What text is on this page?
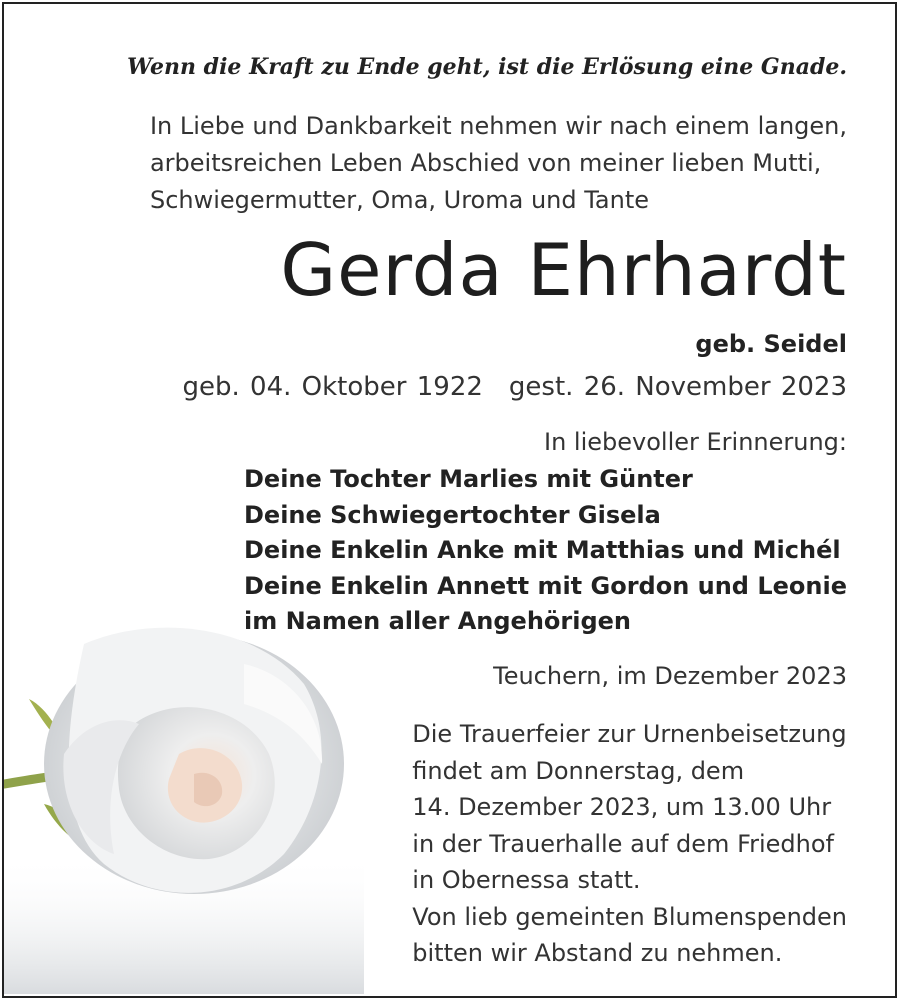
Wenn die Kraft zu Ende geht, ist die Erlösung eine Gnade.
In Liebe und Dankbarkeit nehmen wir nach einem langen,
arbeitsreichen Leben Abschied von meiner lieben Mutti,
Schwiegermutter, Oma, Uroma und Tante
Gerda Ehrhardt
geb. Seidel
geb. 04. Oktober 1922 gest. 26. November 2023
In liebevoller Erinnerung:
Deine Tochter Marlies mit Günter
Deine Schwiegertochter Gisela
Deine Enkelin Anke mit Matthias und Michél
Deine Enkelin Annett mit Gordon und Leonie
im Namen aller Angehörigen
Teuchern, im Dezember 2023
Die Trauerfeier zur Urnenbeisetzung
findet am Donnerstag, dem
14. Dezember 2023, um 13.00 Uhr
in der Trauerhalle auf dem Friedhof
in Obernessa statt.
Von lieb gemeinten Blumenspenden
bitten wir Abstand zu nehmen.
